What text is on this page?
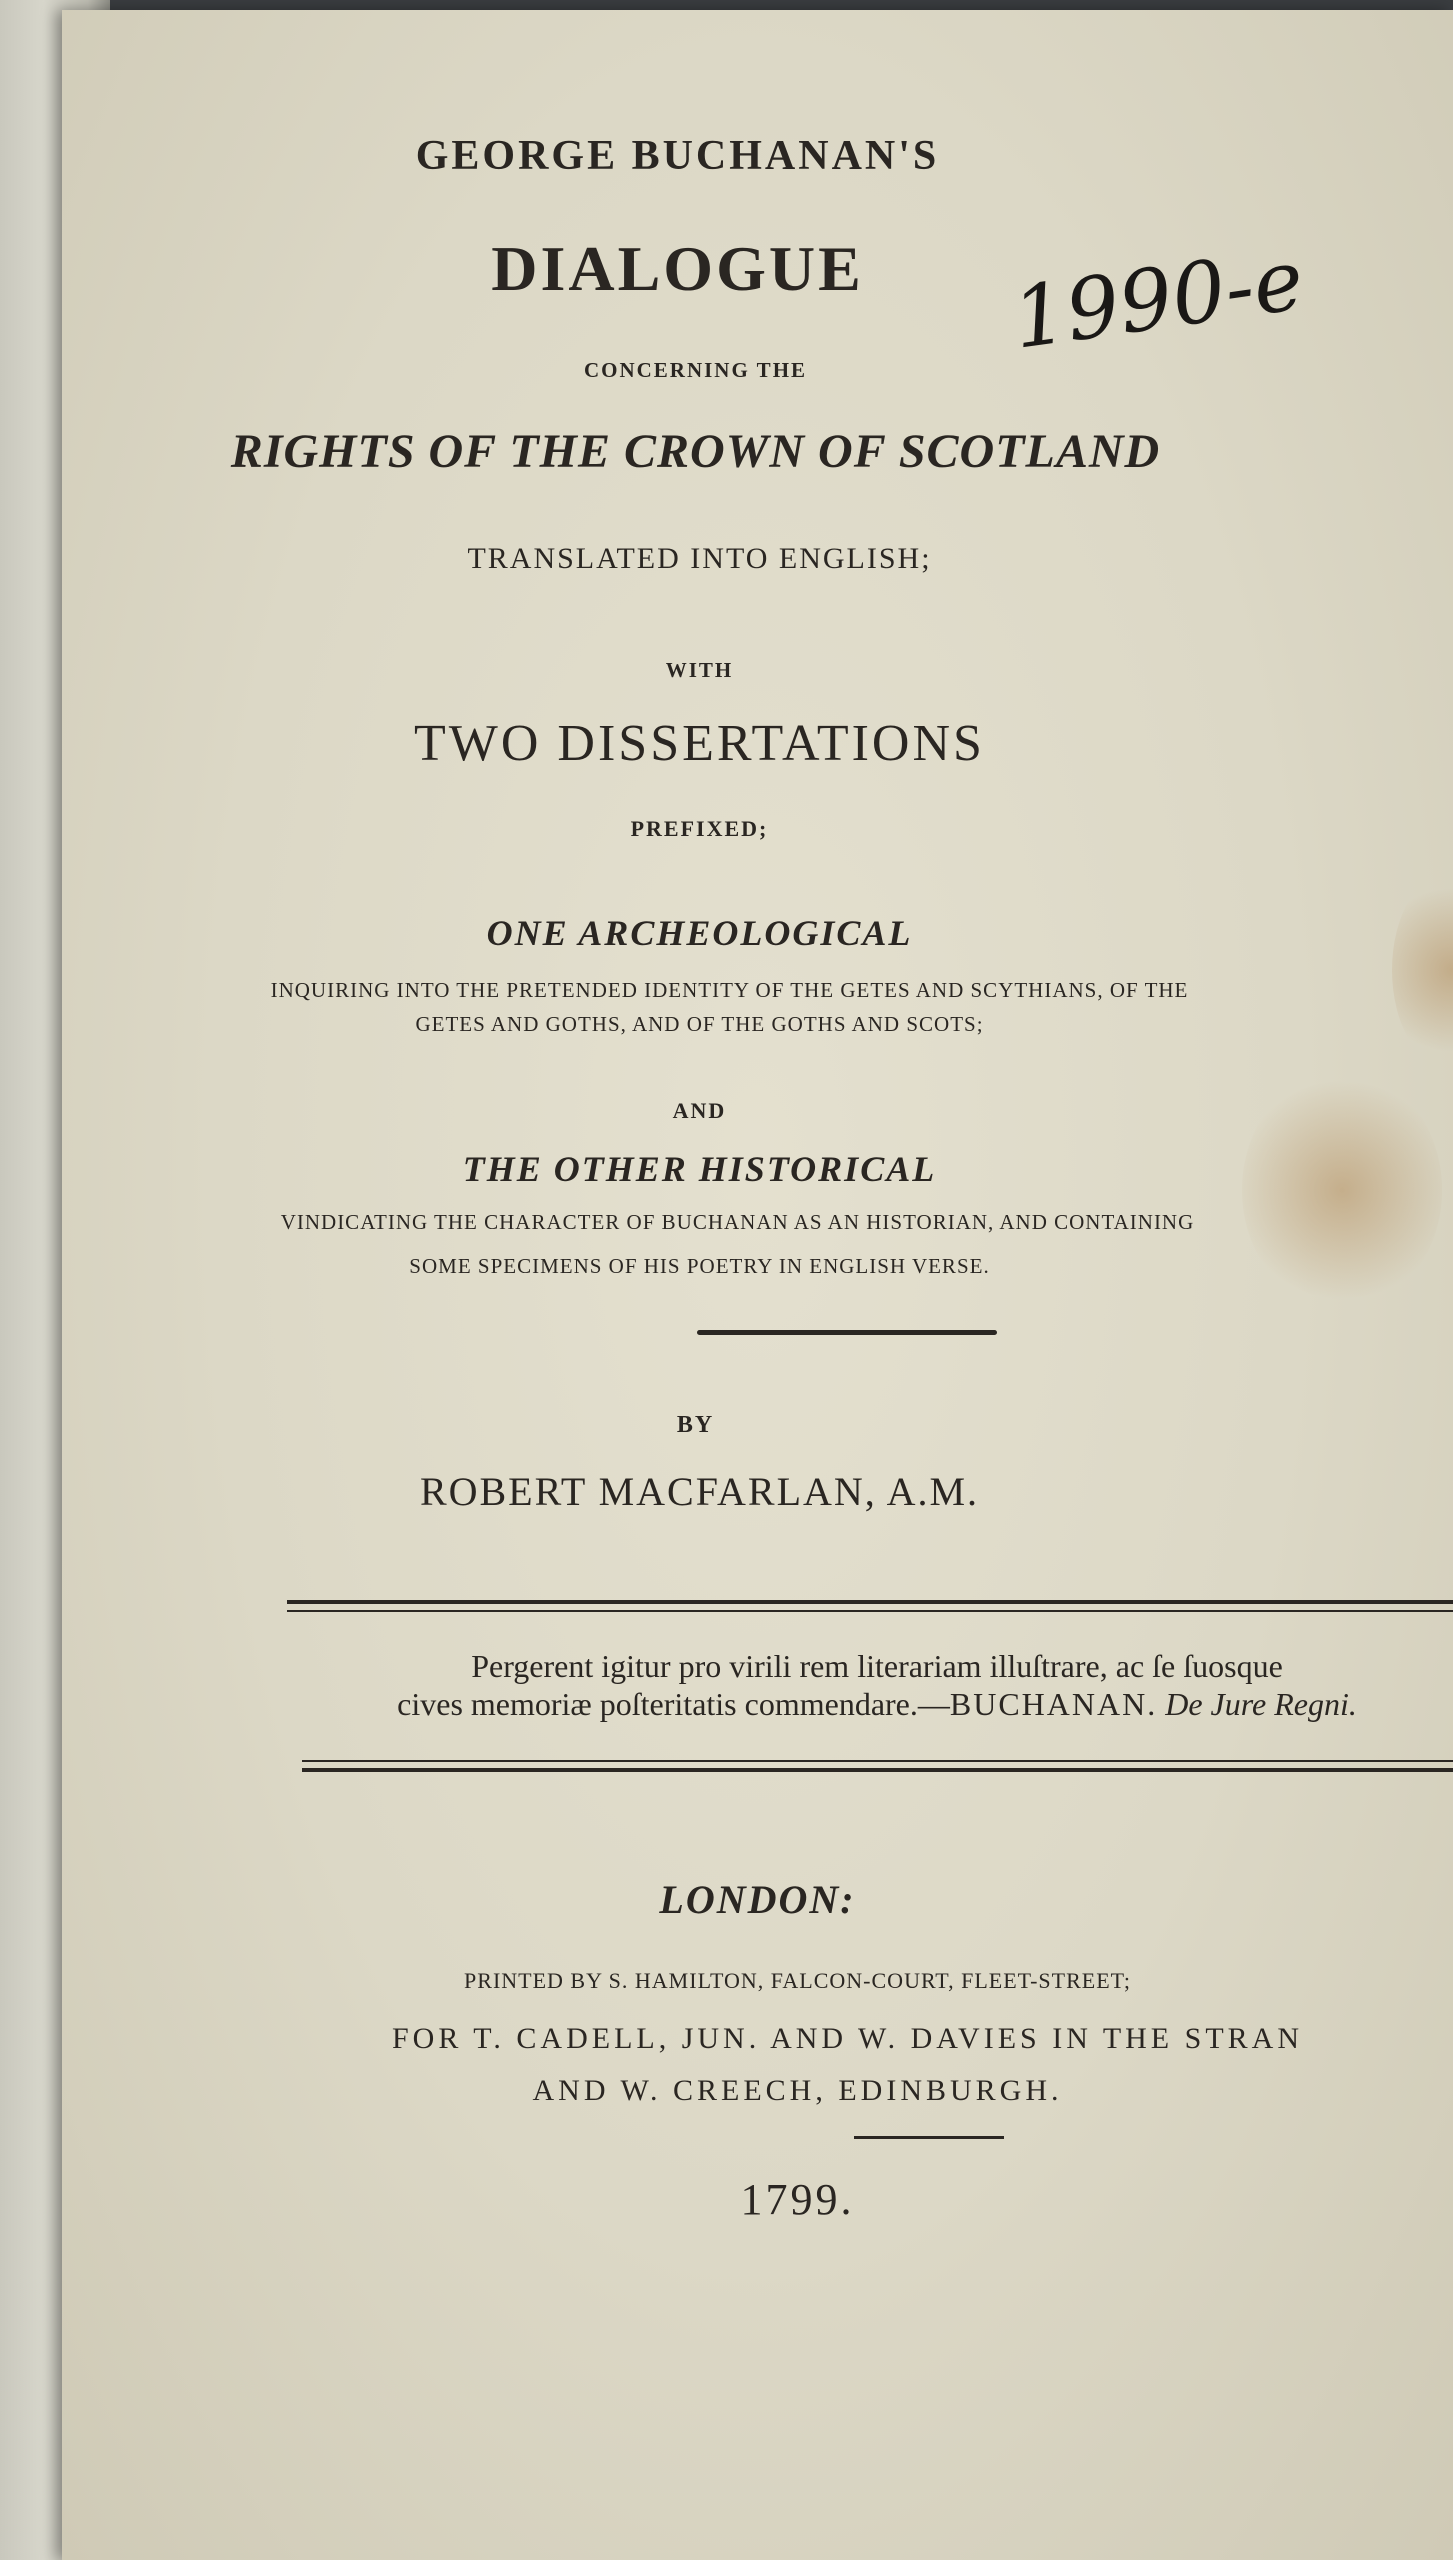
GEORGE BUCHANAN'S
DIALOGUE
CONCERNING THE
RIGHTS OF THE CROWN OF SCOTLAND
TRANSLATED INTO ENGLISH;
WITH
TWO DISSERTATIONS
PREFIXED;
ONE ARCHEOLOGICAL
INQUIRING INTO THE PRETENDED IDENTITY OF THE GETES AND SCYTHIANS, OF THE
GETES AND GOTHS, AND OF THE GOTHS AND SCOTS;
AND
THE OTHER HISTORICAL
VINDICATING THE CHARACTER OF BUCHANAN AS AN HISTORIAN, AND CONTAINING
SOME SPECIMENS OF HIS POETRY IN ENGLISH VERSE.
BY
ROBERT MACFARLAN, A.M.
Pergerent igitur pro virili rem literariam illuſtrare, ac ſe ſuosque
cives memoriæ poſteritatis commendare.—BUCHANAN. De Jure Regni.
LONDON:
PRINTED BY S. HAMILTON, FALCON-COURT, FLEET-STREET;
FOR T. CADELL, JUN. AND W. DAVIES IN THE STRAN
AND W. CREECH, EDINBURGH.
1799.
1990-e
